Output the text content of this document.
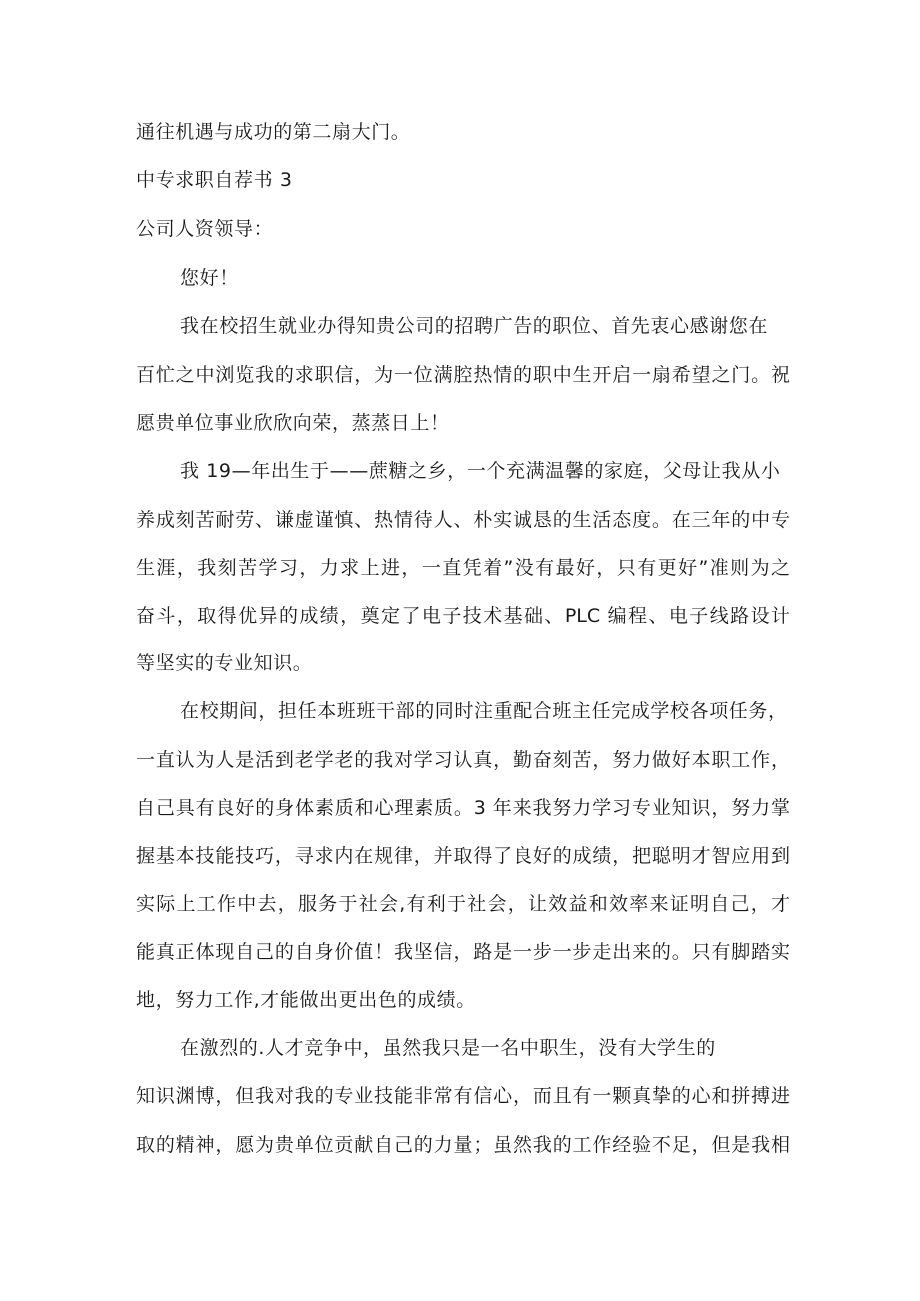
通往机遇与成功的第二扇大门。

中专求职自荐书 3

公司人资领导：

您好！

我在校招生就业办得知贵公司的招聘广告的职位、首先衷心感谢您在

百忙之中浏览我的求职信，为一位满腔热情的职中生开启一扇希望之门。祝

愿贵单位事业欣欣向荣，蒸蒸日上！

我 19—年出生于——蔗糖之乡，一个充满温馨的家庭，父母让我从小

养成刻苦耐劳、谦虚谨慎、热情待人、朴实诚恳的生活态度。在三年的中专

生涯，我刻苦学习，力求上进，一直凭着”没有最好，只有更好”准则为之

奋斗，取得优异的成绩，奠定了电子技术基础、PLC 编程、电子线路设计

等坚实的专业知识。

在校期间，担任本班班干部的同时注重配合班主任完成学校各项任务，

一直认为人是活到老学老的我对学习认真，勤奋刻苦，努力做好本职工作，

自己具有良好的身体素质和心理素质。3 年来我努力学习专业知识，努力掌

握基本技能技巧，寻求内在规律，并取得了良好的成绩，把聪明才智应用到

实际上工作中去，服务于社会,有利于社会，让效益和效率来证明自己，才

能真正体现自己的自身价值！我坚信，路是一步一步走出来的。只有脚踏实

地，努力工作,才能做出更出色的成绩。

在激烈的.人才竞争中，虽然我只是一名中职生，没有大学生的

知识渊博，但我对我的专业技能非常有信心，而且有一颗真挚的心和拼搏进

取的精神，愿为贵单位贡献自己的力量；虽然我的工作经验不足，但是我相
